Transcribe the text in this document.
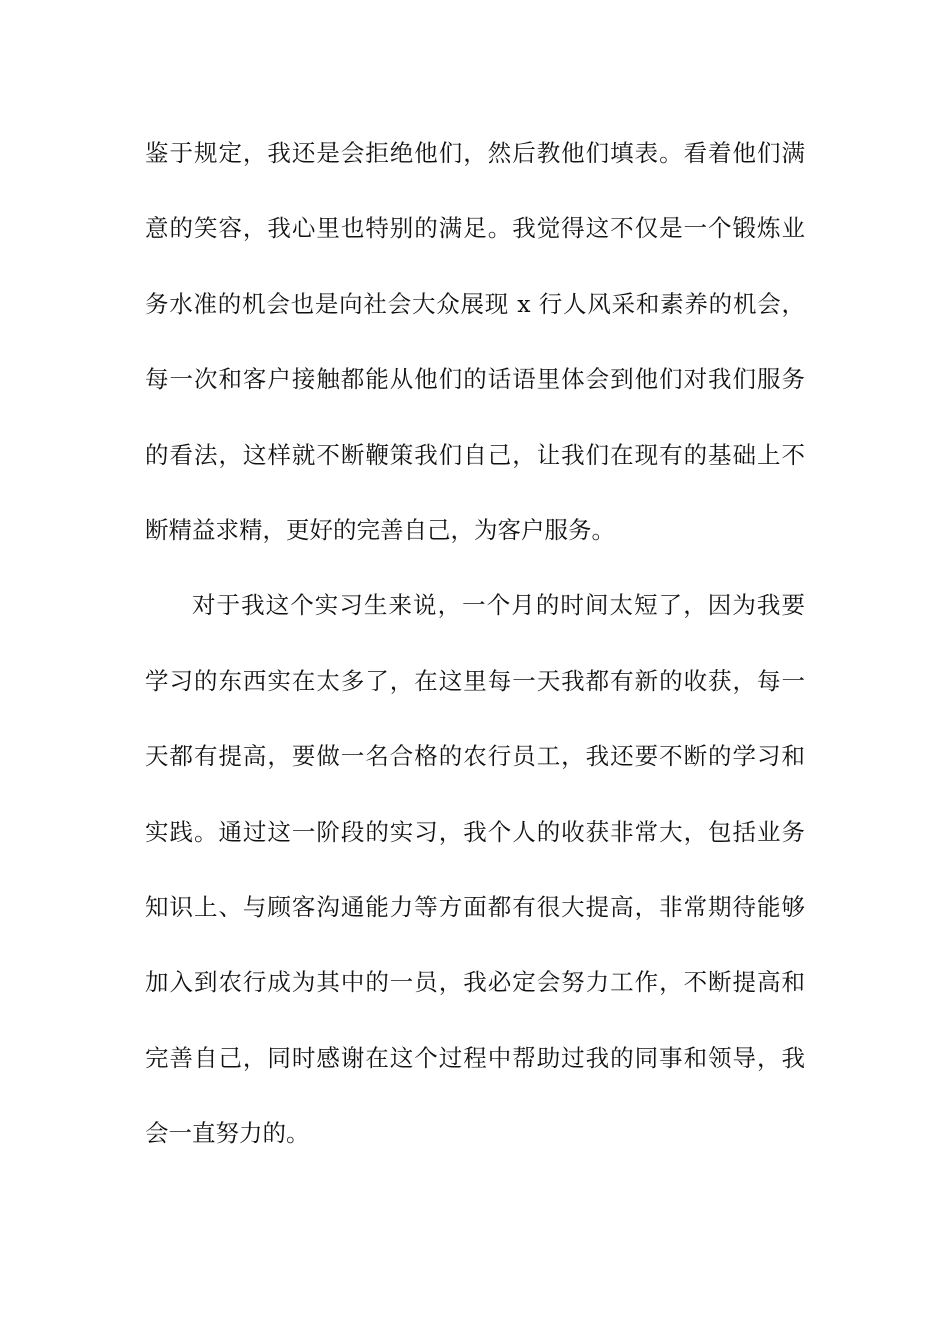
鉴于规定，我还是会拒绝他们，然后教他们填表。看着他们满
意的笑容，我心里也特别的满足。我觉得这不仅是一个锻炼业
务水准的机会也是向社会大众展现 x 行人风采和素养的机会，
每一次和客户接触都能从他们的话语里体会到他们对我们服务
的看法，这样就不断鞭策我们自己，让我们在现有的基础上不
断精益求精，更好的完善自己，为客户服务。
对于我这个实习生来说，一个月的时间太短了，因为我要
学习的东西实在太多了，在这里每一天我都有新的收获，每一
天都有提高，要做一名合格的农行员工，我还要不断的学习和
实践。通过这一阶段的实习，我个人的收获非常大，包括业务
知识上、与顾客沟通能力等方面都有很大提高，非常期待能够
加入到农行成为其中的一员，我必定会努力工作，不断提高和
完善自己，同时感谢在这个过程中帮助过我的同事和领导，我
会一直努力的。
